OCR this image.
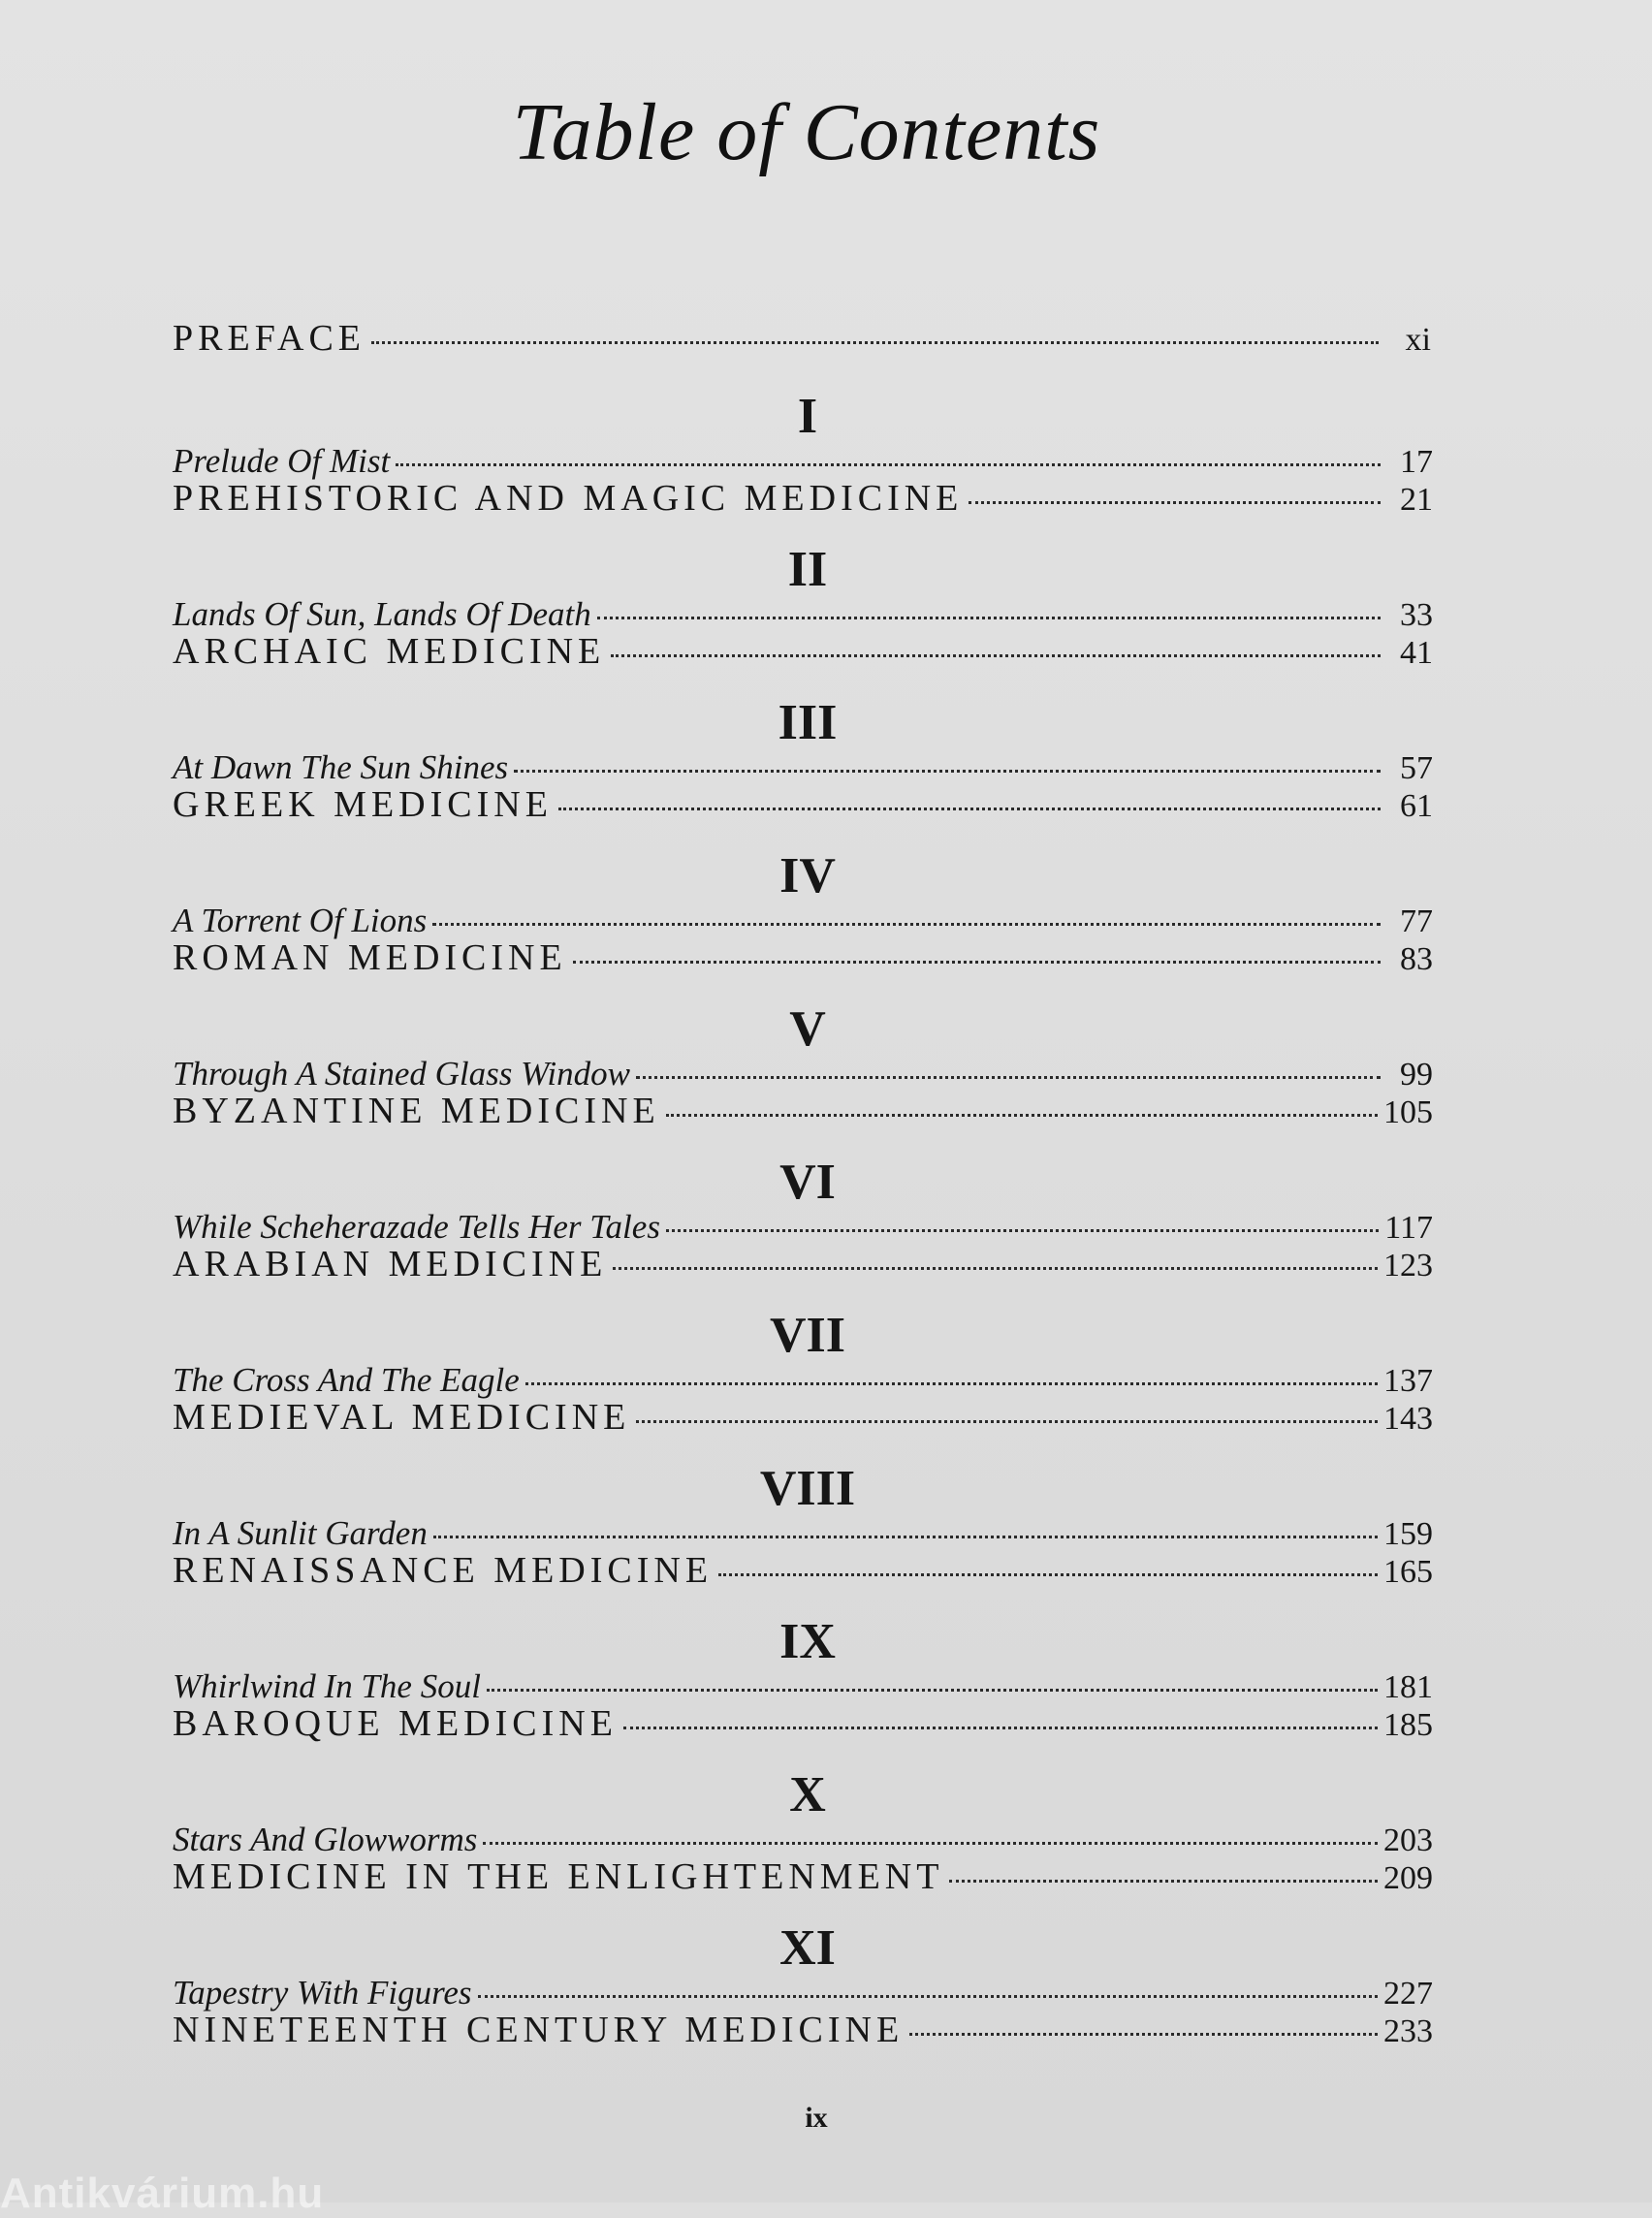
Table of Contents
PREFACE	xi
I
Prelude Of Mist	17
PREHISTORIC AND MAGIC MEDICINE	21
II
Lands Of Sun, Lands Of Death	33
ARCHAIC MEDICINE	41
III
At Dawn The Sun Shines	57
GREEK MEDICINE	61
IV
A Torrent Of Lions	77
ROMAN MEDICINE	83
V
Through A Stained Glass Window	99
BYZANTINE MEDICINE	105
VI
While Scheherazade Tells Her Tales	117
ARABIAN MEDICINE	123
VII
The Cross And The Eagle	137
MEDIEVAL MEDICINE	143
VIII
In A Sunlit Garden	159
RENAISSANCE MEDICINE	165
IX
Whirlwind In The Soul	181
BAROQUE MEDICINE	185
X
Stars And Glowworms	203
MEDICINE IN THE ENLIGHTENMENT	209
XI
Tapestry With Figures	227
NINETEENTH CENTURY MEDICINE	233
ix
Antikvárium.hu
